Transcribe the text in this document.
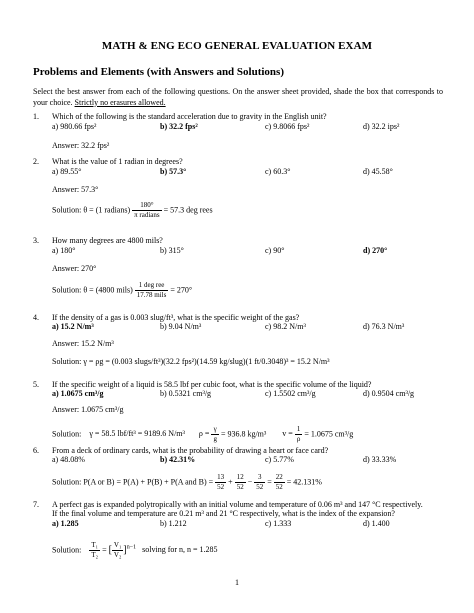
MATH & ENG ECO GENERAL EVALUATION EXAM
Problems and Elements (with Answers and Solutions)
Select the best answer from each of the following questions. On the answer sheet provided, shade the box that corresponds to your choice. Strictly no erasures allowed.
1.	Which of the following is the standard acceleration due to gravity in the English unit?
a) 980.66 fps²	b) 32.2 fps²	c) 9.8066 fps²	d) 32.2 ips²
Answer: 32.2 fps²
2.	What is the value of 1 radian in degrees?
a) 89.55°	b) 57.3°	c) 60.3°	d) 45.58°
Answer: 57.3°
Solution: θ = (1 radians) $\frac{180^\circ}{\text{π radians}} = 57.3$ deg rees
3.	How many degrees are 4800 mils?
a) 180°	b) 315°	c) 90°	d) 270°
Answer: 270°
Solution: θ = (4800 mils) $\frac{\text{1 deg ree}}{\text{17.78 mils}} = 270^\circ$
4.	If the density of a gas is 0.003 slug/ft³, what is the specific weight of the gas?
a) 15.2 N/m³	b) 9.04 N/m³	c) 98.2 N/m³	d) 76.3 N/m³
Answer: 15.2 N/m³
Solution: γ = ρg = (0.003 slugs/ft³)(32.2 fps²)(14.59 kg/slug)(1 ft/0.3048)³ = 15.2 N/m³
5.	If the specific weight of a liquid is 58.5 lbf per cubic foot, what is the specific volume of the liquid?
a) 1.0675 cm³/g	b) 0.5321 cm³/g	c) 1.5502 cm³/g	d) 0.9504 cm³/g
Answer: 1.0675 cm³/g
Solution: γ = 58.5 lbf/ft³ = 9189.6 N/m³ $\rho = \frac{\gamma}{g} = 936.8$ kg/m³ $v = \frac{1}{\rho} = 1.0675$ cm³/g
6.	From a deck of ordinary cards, what is the probability of drawing a heart or face card?
a) 48.08%	b) 42.31%	c) 5.77%	d) 33.33%
Solution: P(A or B) = P(A) + P(B) + P(A and $B) = \frac{13}{52} + \frac{12}{52} - \frac{3}{52} = \frac{22}{52} = 42.131\%$
7.	A perfect gas is expanded polytropically with an initial volume and temperature of 0.06 m³ and 147 °C respectively.
If the final volume and temperature are 0.21 m³ and 21 °C respectively, what is the index of the expansion?
a) 1.285	b) 1.212	c) 1.333	d) 1.400
Solution: $\frac{\text{T₁}}{\text{T₂}}$ = [ $\frac{\text{V₁}}{\text{V₂}} ]^{n-1}$ solving for n, n = 1.285
1
